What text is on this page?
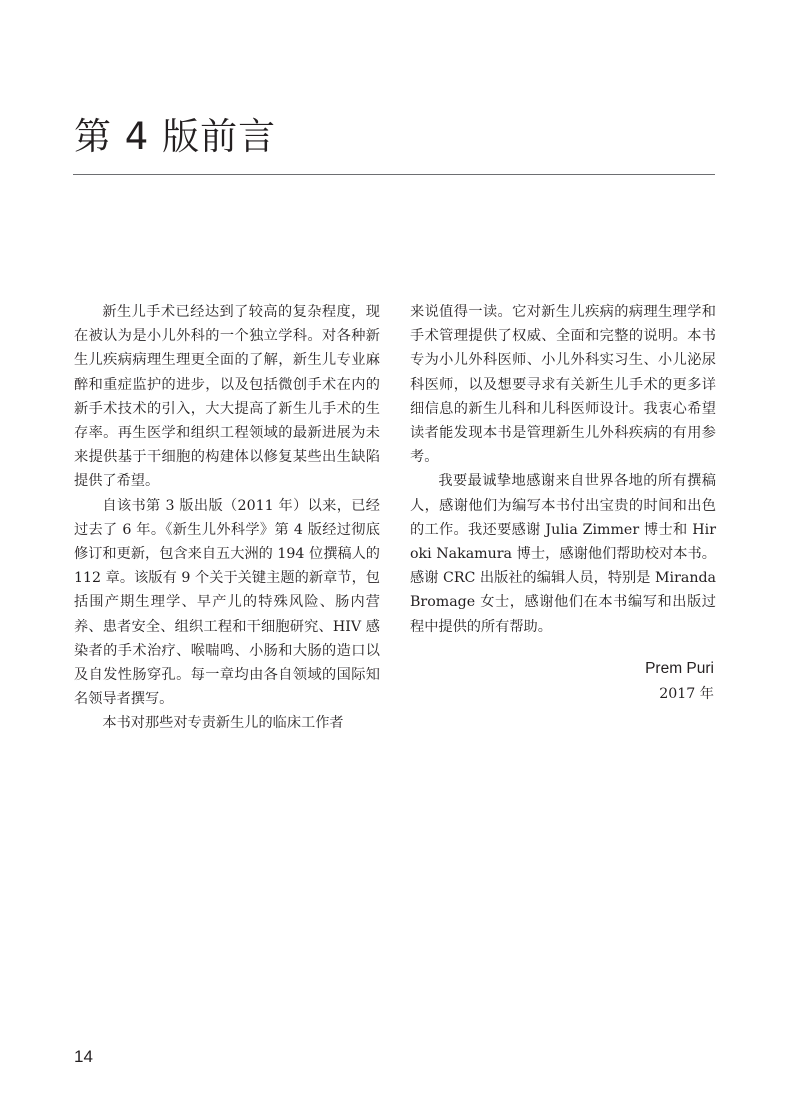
第 4 版前言

新生儿手术已经达到了较高的复杂程度，现在被认为是小儿外科的一个独立学科。对各种新生儿疾病病理生理更全面的了解，新生儿专业麻醉和重症监护的进步，以及包括微创手术在内的新手术技术的引入，大大提高了新生儿手术的生存率。再生医学和组织工程领域的最新进展为未来提供基于干细胞的构建体以修复某些出生缺陷提供了希望。

自该书第 3 版出版（2011 年）以来，已经过去了 6 年。《新生儿外科学》第 4 版经过彻底修订和更新，包含来自五大洲的 194 位撰稿人的 112 章。该版有 9 个关于关键主题的新章节，包括围产期生理学、早产儿的特殊风险、肠内营养、患者安全、组织工程和干细胞研究、HIV 感染者的手术治疗、喉喘鸣、小肠和大肠的造口以及自发性肠穿孔。每一章均由各自领域的国际知名领导者撰写。

本书对那些对专责新生儿的临床工作者

来说值得一读。它对新生儿疾病的病理生理学和手术管理提供了权威、全面和完整的说明。本书专为小儿外科医师、小儿外科实习生、小儿泌尿科医师，以及想要寻求有关新生儿手术的更多详细信息的新生儿科和儿科医师设计。我衷心希望读者能发现本书是管理新生儿外科疾病的有用参考。

我要最诚挚地感谢来自世界各地的所有撰稿人，感谢他们为编写本书付出宝贵的时间和出色的工作。我还要感谢 Julia Zimmer 博士和 Hiroki Nakamura 博士，感谢他们帮助校对本书。感谢 CRC 出版社的编辑人员，特别是 Miranda Bromage 女士，感谢他们在本书编写和出版过程中提供的所有帮助。

Prem Puri
2017 年
14
